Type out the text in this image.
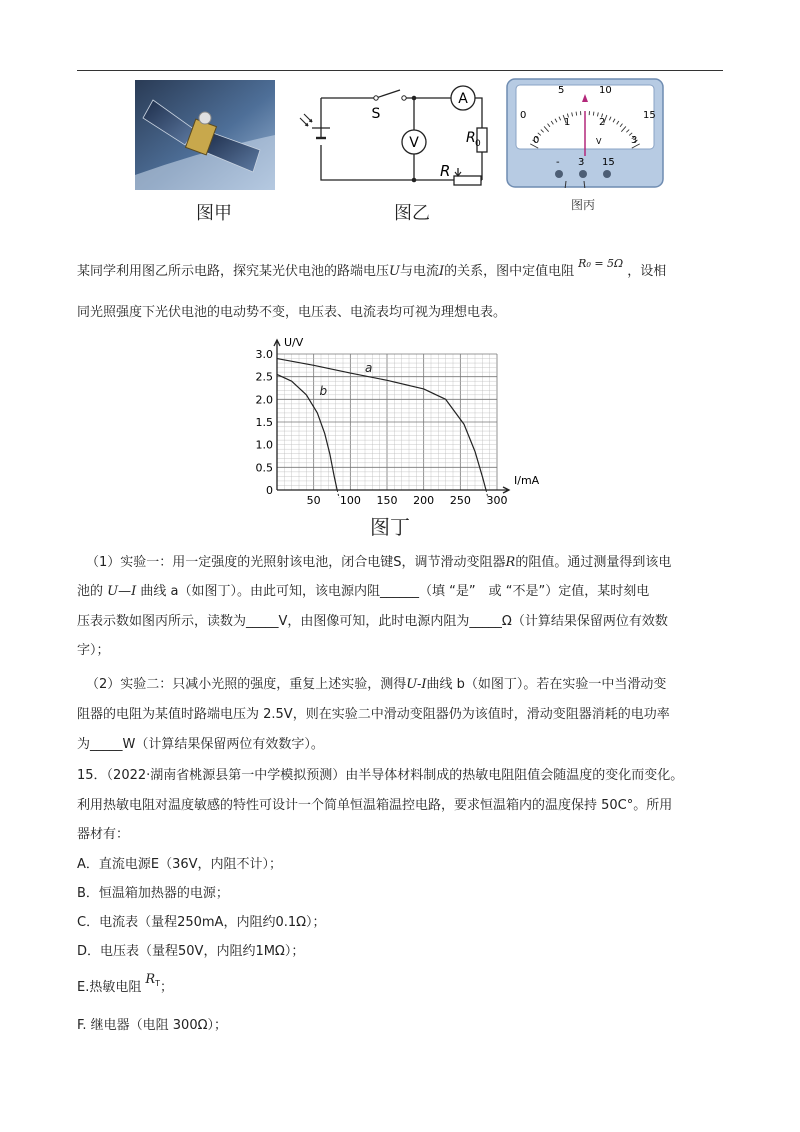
图甲
A
V
S
R 0
R
图乙
0
5	10
15
0
1	2
3
V
- 3 15
图丙
某同学利用图乙所示电路，探究某光伏电池的路端电压U与电流I的关系，图中定值电阻$^{R_0 = 5\Omega}$，设相
同光照强度下光伏电池的电动势不变，电压表、电流表均可视为理想电表。
50 100 150 200 250 300
0
0.5
1.0
1.5
2.0
2.5
3.0
a
b
U/V
I/mA
图丁
（1）实验一：用一定强度的光照射该电池，闭合电键S，调节滑动变阻器R的阻值。通过测量得到该电
池的 U—I 曲线 a（如图丁）。由此可知，该电源内阻______（填 “是”　或 “不是”）定值，某时刻电
压表示数如图丙所示，读数为_____V，由图像可知，此时电源内阻为_____Ω（计算结果保留两位有效数
字）；
（2）实验二：只减小光照的强度，重复上述实验，测得U-I曲线 b（如图丁）。若在实验一中当滑动变
阻器的电阻为某值时路端电压为 2.5V，则在实验二中滑动变阻器仍为该值时，滑动变阻器消耗的电功率
为_____W（计算结果保留两位有效数字）。
15．（2022·湖南省桃源县第一中学模拟预测）由半导体材料制成的热敏电阻阻值会随温度的变化而变化。
利用热敏电阻对温度敏感的特性可设计一个简单恒温箱温控电路，要求恒温箱内的温度保持 50C°。所用
器材有：
A．直流电源E（36V，内阻不计）；
B．恒温箱加热器的电源；
C．电流表（量程250mA，内阻约0.1Ω）；
D．电压表（量程50V，内阻约1MΩ）；
E.热敏电阻$R^T$；
F. 继电器（电阻 300Ω）；
